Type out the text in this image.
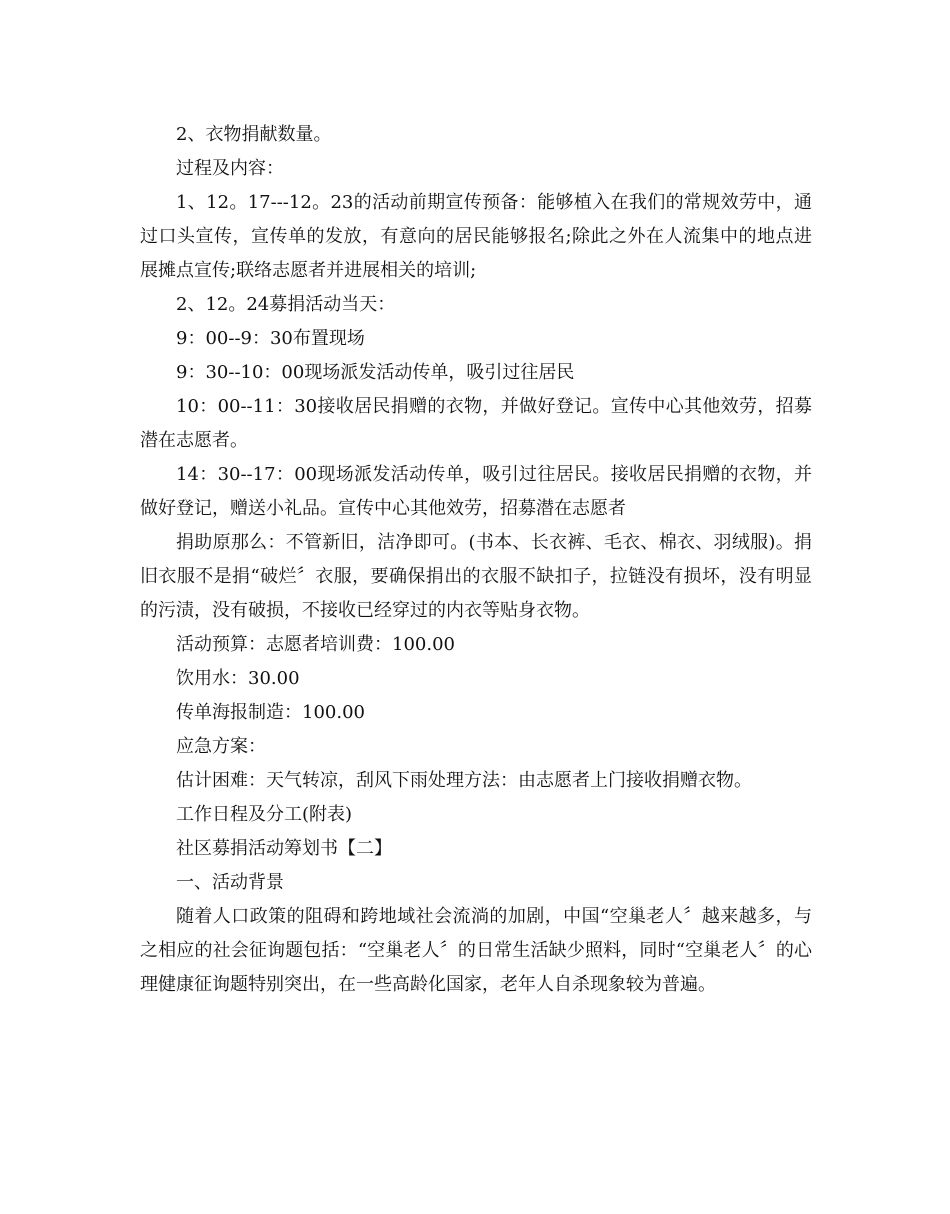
2、衣物捐献数量。

过程及内容：

1、12。17---12。23的活动前期宣传预备：能够植入在我们的常规效劳中，通过口头宣传，宣传单的发放，有意向的居民能够报名;除此之外在人流集中的地点进展摊点宣传;联络志愿者并进展相关的培训;

2、12。24募捐活动当天：

9：00--9：30布置现场

9：30--10：00现场派发活动传单，吸引过往居民

10：00--11：30接收居民捐赠的衣物，并做好登记。宣传中心其他效劳，招募潜在志愿者。

14：30--17：00现场派发活动传单，吸引过往居民。接收居民捐赠的衣物，并做好登记，赠送小礼品。宣传中心其他效劳，招募潜在志愿者

捐助原那么：不管新旧，洁净即可。(书本、长衣裤、毛衣、棉衣、羽绒服)。捐旧衣服不是捐“破烂〞衣服，要确保捐出的衣服不缺扣子，拉链没有损坏，没有明显的污渍，没有破损，不接收已经穿过的内衣等贴身衣物。

活动预算：志愿者培训费：100.00

饮用水：30.00

传单海报制造：100.00

应急方案：

估计困难：天气转凉，刮风下雨处理方法：由志愿者上门接收捐赠衣物。

工作日程及分工(附表)

社区募捐活动筹划书【二】

一、活动背景

随着人口政策的阻碍和跨地域社会流淌的加剧，中国“空巢老人〞越来越多，与之相应的社会征询题包括：“空巢老人〞的日常生活缺少照料，同时“空巢老人〞的心理健康征询题特别突出，在一些高龄化国家，老年人自杀现象较为普遍。
